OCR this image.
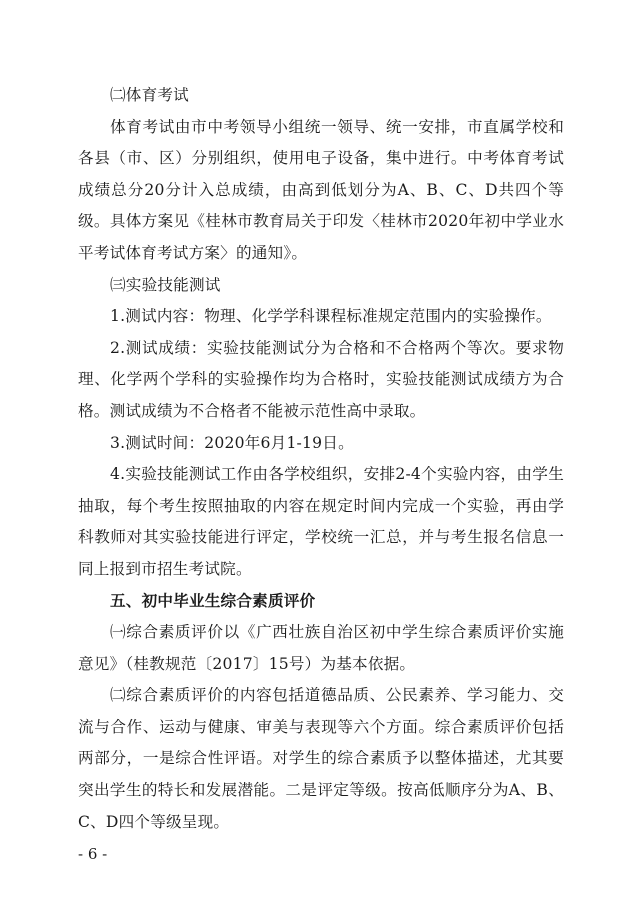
㈡体育考试

体育考试由市中考领导小组统一领导、统一安排，市直属学校和各县（市、区）分别组织，使用电子设备，集中进行。中考体育考试成绩总分20分计入总成绩，由高到低划分为A、B、C、D共四个等级。具体方案见《桂林市教育局关于印发〈桂林市2020年初中学业水平考试体育考试方案〉的通知》。

㈢实验技能测试

1.测试内容：物理、化学学科课程标准规定范围内的实验操作。

2.测试成绩：实验技能测试分为合格和不合格两个等次。要求物理、化学两个学科的实验操作均为合格时，实验技能测试成绩方为合格。测试成绩为不合格者不能被示范性高中录取。

3.测试时间：2020年6月1-19日。

4.实验技能测试工作由各学校组织，安排2-4个实验内容，由学生抽取，每个考生按照抽取的内容在规定时间内完成一个实验，再由学科教师对其实验技能进行评定，学校统一汇总，并与考生报名信息一同上报到市招生考试院。

五、初中毕业生综合素质评价

㈠综合素质评价以《广西壮族自治区初中学生综合素质评价实施意见》（桂教规范〔2017〕15号）为基本依据。

㈡综合素质评价的内容包括道德品质、公民素养、学习能力、交流与合作、运动与健康、审美与表现等六个方面。综合素质评价包括两部分，一是综合性评语。对学生的综合素质予以整体描述，尤其要突出学生的特长和发展潜能。二是评定等级。按高低顺序分为A、B、C、D四个等级呈现。

- 6 -
